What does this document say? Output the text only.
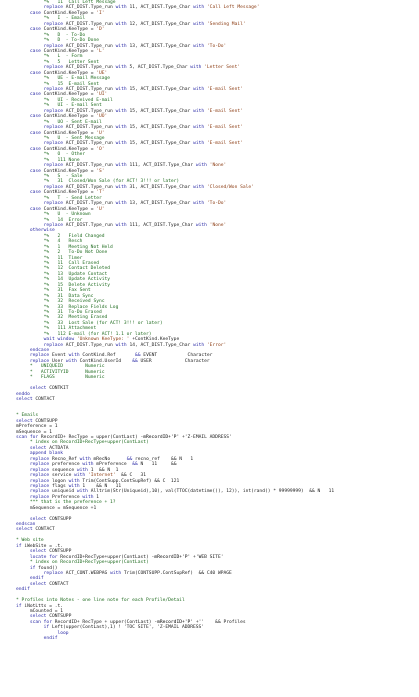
*%   11  Call Left Message
replace ACT_DIST.Type_run with 11, ACT_DIST.Type_Char with 'Call Left Message'
case ContKind.KeeType = 'I'
*%   I  - Email
replace ACT_DIST.Type_run with 12, ACT_DIST.Type_Char with 'Sending Mail'
case ContKind.KeeType = 'D'
*%   D  - To-Do
*%   D  - To-Do Done
replace ACT_DIST.Type_run with 13, ACT_DIST.Type_Char with 'To-Do'
case ContKind.KeeType = 'L'
*%   L  - Form
*%   5   Letter Sent
replace ACT_DIST.Type_run with 5, ACT_DIST.Type_Char with 'Letter Sent'
case ContKind.KeeType = 'UE'
*%   UE - E-mail Message
*%   15  E-mail Sent
replace ACT_DIST.Type_run with 15, ACT_DIST.Type_Char with 'E-mail Sent'
case ContKind.KeeType = 'UI'
*%   UI - Received E-mail
*%   UI - E-mail Sent
replace ACT_DIST.Type_run with 15, ACT_DIST.Type_Char with 'E-mail Sent'
case ContKind.KeeType = 'UO'
*%   UO - Sent E-mail
replace ACT_DIST.Type_run with 15, ACT_DIST.Type_Char with 'E-mail Sent'
case ContKind.KeeType = 'U'
*%   U  - Sent Message
replace ACT_DIST.Type_run with 15, ACT_DIST.Type_Char with 'E-mail Sent'
case ContKind.KeeType = 'O'
*%   O  - Other
*%   111 None
replace ACT_DIST.Type_run with 111, ACT_DIST.Type_Char with 'None'
case ContKind.KeeType = 'S'
*%   S  - Sale
*%   31  Closed/Won Sale (for ACT! 3!!! or later)
replace ACT_DIST.Type_run with 31, ACT_DIST.Type_Char with 'Closed/Won Sale'
case ContKind.KeeType = 'T'
*%   T  - Send Letter
replace ACT_DIST.Type_run with 13, ACT_DIST.Type_Char with 'To-Do'
case ContKind.KeeType = 'U'
*%   U  - Unknown
*%   14  Error
replace ACT_DIST.Type_run with 111, ACT_DIST.Type_Char with 'None'
otherwise
*%   2   Field Changed
*%   4   Resch
*%   1   Meeting Not Held
*%   2   To-Do Not Done
*%   11  Timer
*%   11  Call Erased
*%   12  Contact Deleted
*%   13  Update Contact
*%   14  Update Activity
*%   15  Delete Activity
*%   31  Fax Sent
*%   31  Data Sync
*%   32  Received Sync
*%   33  Replace Fields Log
*%   31  To-Do Erased
*%   32  Meeting Erased
*%   33  Lost Sale (for ACT! 3!!! or later)
*%   111 Attachment
*%   112 E-mail (for ACT! 1.1 or later)
wait window 'Unknown KeeType: ' +ContKind.KeeType
replace ACT_DIST.Type_run with 14, ACT_DIST.Type_Char with 'Error'
endcase
replace Event with ContKind.Ref       && EVENT           Character
replace User with ContKind.UserId    && USER            Character
*   UNIQUEID        Numeric
*   ACTIVITYID      Numeric
*   FLAGS           Numeric
select CONTKIT
enddo
select CONTACT
* Emails
select CONTSUPP
mPreference = 1
mSequence = 1
scan for RecordID+ RecType = upper(ContLast) -mRecordID+'P' +'Z-EMAIL ADDRESS'
* index on RecordID+RecType+upper(ContLast)
select ACTDATA
append blank
replace Recno_Ref with mRecNo      && recno_ref    && N   1
replace preference with mPreference  && N   11     &&
replace sequence with 1  && N  1
replace service with 'Internet'  && C   31
replace logon with Trim(ContSupp.ContSupRef) && C  121
replace flags with 1    && N   11
replace uniqueid with Alltrim(Str(Uniqueid),10), val(TTOC(datetime()), 12)), int(rand() * 99999999)  && N   11
replace Preference with 1
*** that is the preference + 1?
mSequence = mSequence +1
select CONTSUPP
endscan
select CONTACT
* Web site
if iWebSite = .t.
select CONTSUPP
locate for RecordID+RecType+upper(ContLast) -mRecordID+'P' +'WEB SITE'
* index on RecordID+RecType+upper(ContLast)
if found()
replace ACT_CONT.WEBPAG with Trim(CONTSUPP.ContSupRef)  && C40 WPAGE
endif
select CONTACT
endif
* Profiles into Notes - one line note for each Profile/Detail
if iNotLtts = .t.
mCounted = 1
select CONTSUPP
scan for RecordID+ RecType + upper(ContLast) -mRecordID+'P' +''    && Profiles
if Left(upper(ContLast),1) ! 'TOC SITE', 'Z-EMAIL ADDRESS'
loop
endif
